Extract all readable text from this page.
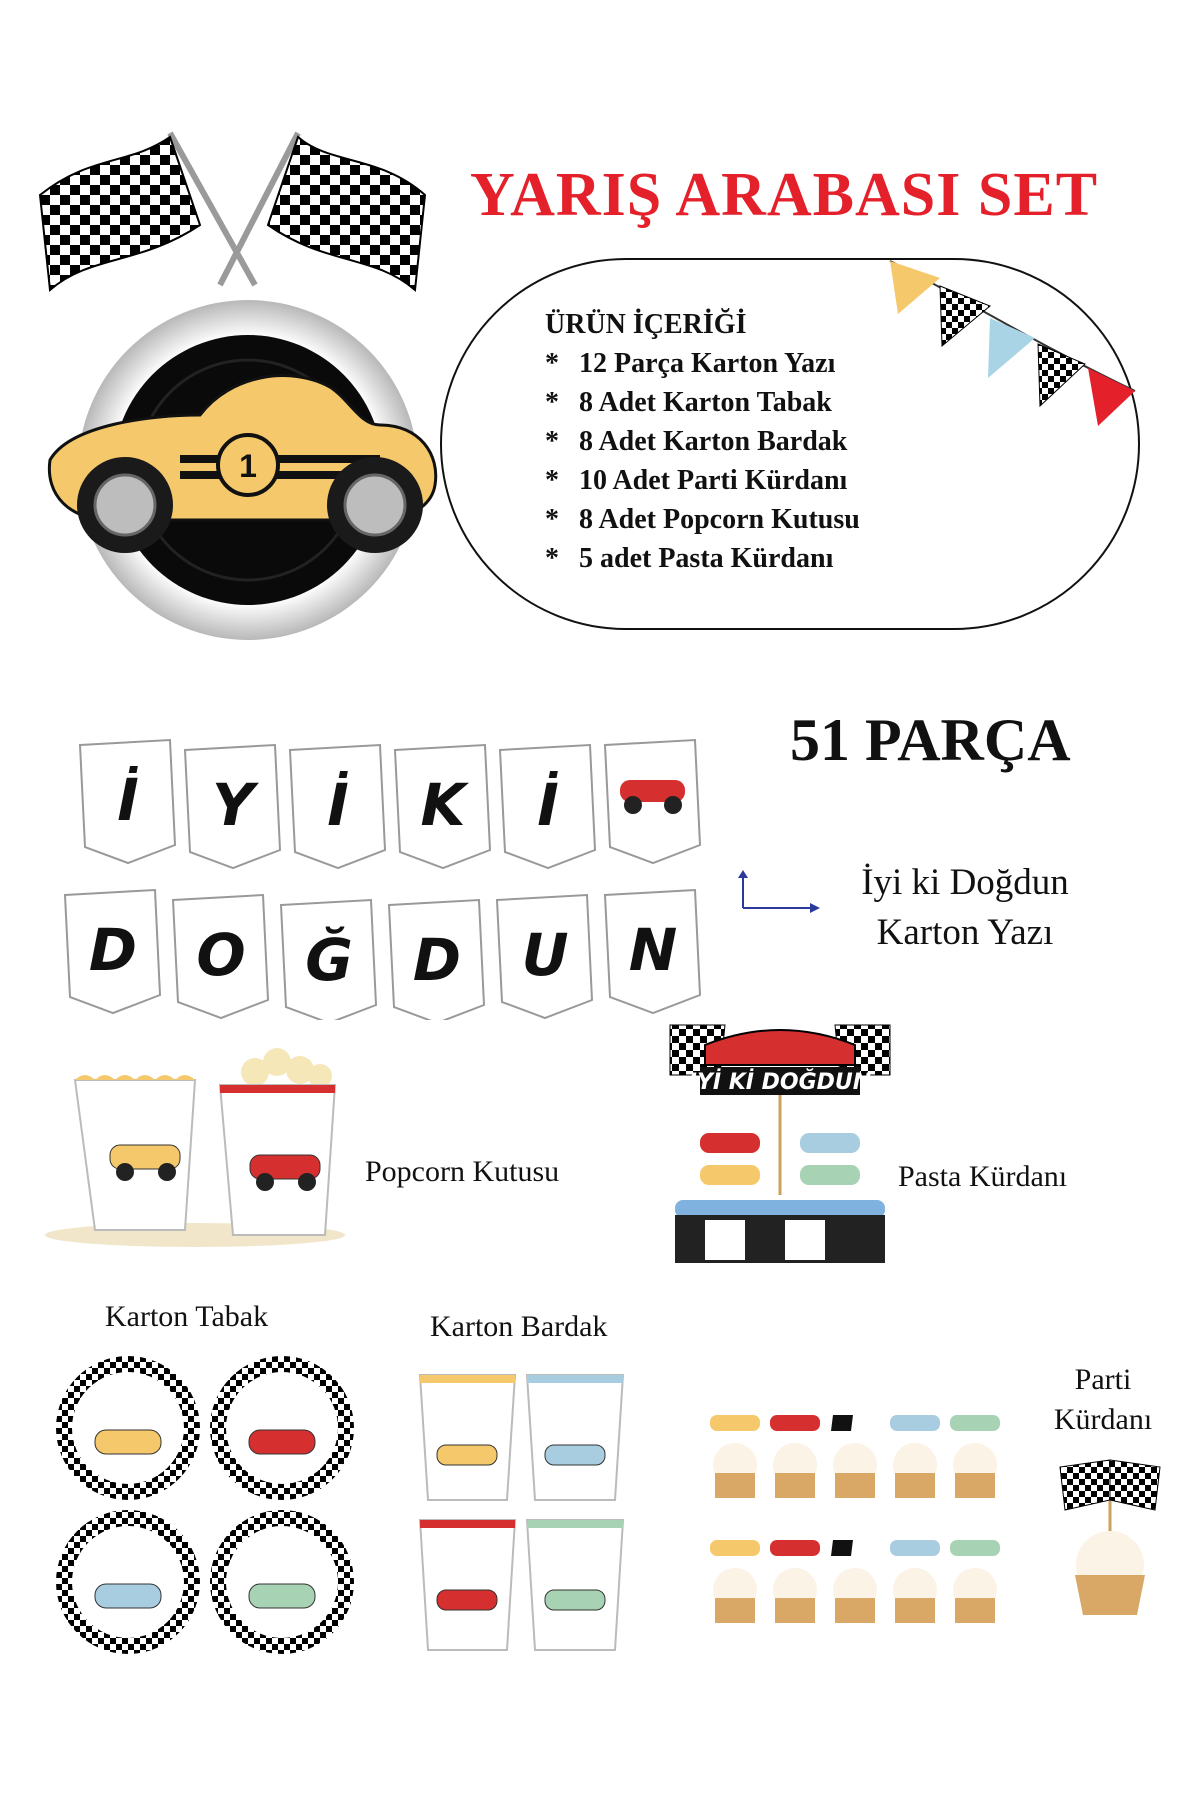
1
YARIŞ ARABASI SET
ÜRÜN İÇERİĞİ
* 12 Parça Karton Yazı
* 8 Adet Karton Tabak
* 8 Adet Karton Bardak
* 10 Adet Parti Kürdanı
* 8 Adet Popcorn Kutusu
* 5 adet Pasta Kürdanı
51 PARÇA
İ Y İ K İ
D O Ğ D U N
İyi ki Doğdun
Karton Yazı
Popcorn Kutusu
İYİ Kİ DOĞDUN
Pasta Kürdanı
Karton Tabak	Karton Bardak
Parti
Kürdanı
